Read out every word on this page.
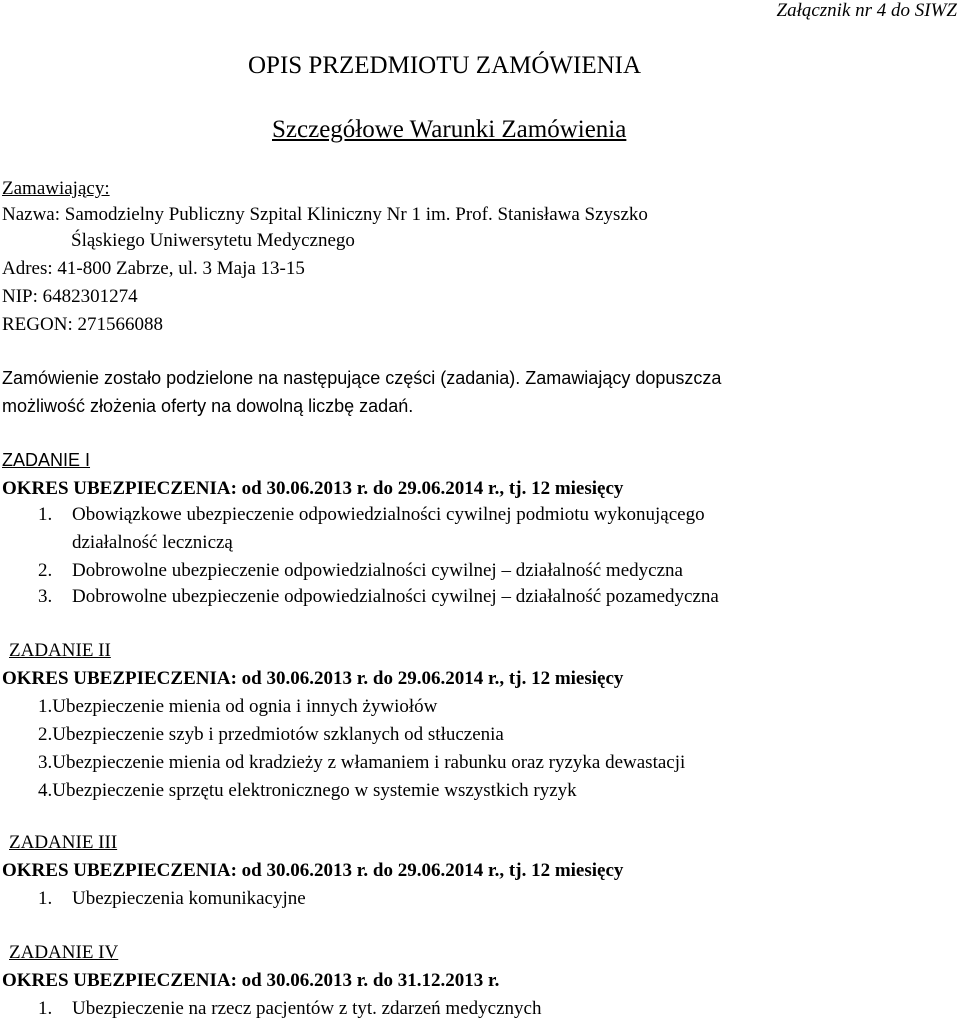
Załącznik nr 4 do SIWZ
OPIS PRZEDMIOTU ZAMÓWIENIA
Szczegółowe Warunki Zamówienia
Zamawiający:
Nazwa: Samodzielny Publiczny Szpital Kliniczny Nr 1 im. Prof. Stanisława Szyszko
Śląskiego Uniwersytetu Medycznego
Adres: 41-800 Zabrze, ul. 3 Maja 13-15
NIP: 6482301274
REGON: 271566088
Zamówienie zostało podzielone na następujące części (zadania). Zamawiający dopuszcza
możliwość złożenia oferty na dowolną liczbę zadań.
ZADANIE I
OKRES UBEZPIECZENIA: od 30.06.2013 r. do 29.06.2014 r., tj. 12 miesięcy
1. Obowiązkowe ubezpieczenie odpowiedzialności cywilnej podmiotu wykonującego
działalność leczniczą
2. Dobrowolne ubezpieczenie odpowiedzialności cywilnej – działalność medyczna
3. Dobrowolne ubezpieczenie odpowiedzialności cywilnej – działalność pozamedyczna
ZADANIE II
OKRES UBEZPIECZENIA: od 30.06.2013 r. do 29.06.2014 r., tj. 12 miesięcy
1.Ubezpieczenie mienia od ognia i innych żywiołów
2.Ubezpieczenie szyb i przedmiotów szklanych od stłuczenia
3.Ubezpieczenie mienia od kradzieży z włamaniem i rabunku oraz ryzyka dewastacji
4.Ubezpieczenie sprzętu elektronicznego w systemie wszystkich ryzyk
ZADANIE III
OKRES UBEZPIECZENIA: od 30.06.2013 r. do 29.06.2014 r., tj. 12 miesięcy
1. Ubezpieczenia komunikacyjne
ZADANIE IV
OKRES UBEZPIECZENIA: od 30.06.2013 r. do 31.12.2013 r.
1. Ubezpieczenie na rzecz pacjentów z tyt. zdarzeń medycznych
